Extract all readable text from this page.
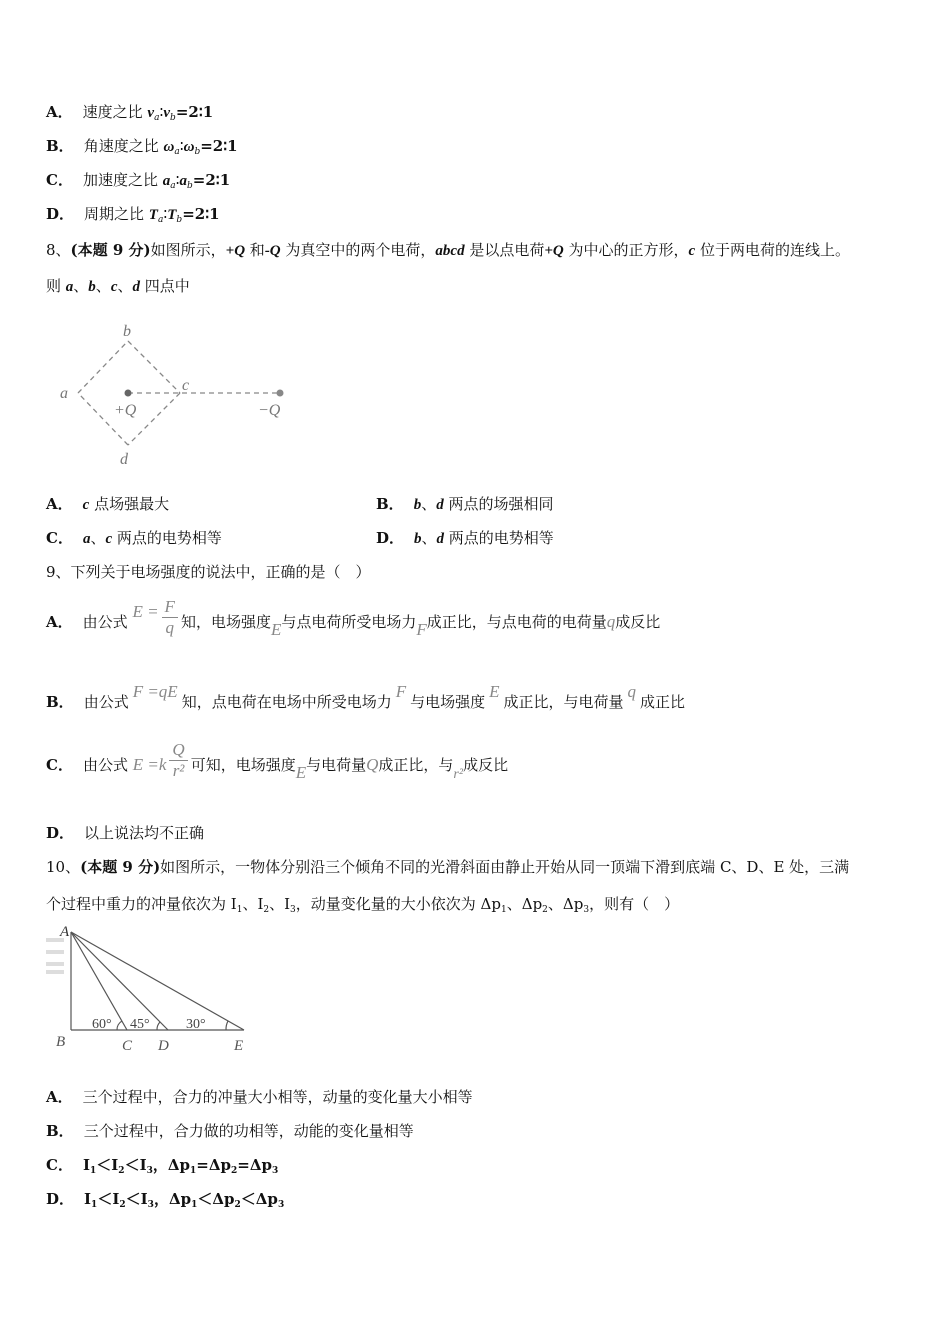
A． 速度之比 $v_a∶v_b=2∶1$
B． 角速度之比 $\omega_a∶\omega_b=2∶1$
C． 加速度之比 $a_a∶a_b=2∶1$
D． 周期之比 $T_a∶T_b=2∶1$
8、(本题 9 分)如图所示，+Q 和-Q 为真空中的两个电荷，abcd 是以点电荷+Q 为中心的正方形，c 位于两电荷的连线上。
则 a、b、c、d 四点中
a
b
c
d
+Q	−Q
A． c 点场强最大	B． b、d 两点的场强相同
C． a、c 两点的电势相等	D． b、d 两点的电势相等
9、下列关于电场强度的说法中，正确的是（　）
A． 由公式 $E = \frac{F}{q}$ 知，电场强度E与点电荷所受电场力F成正比，与点电荷的电荷量q成反比
B． 由公式F =qE知，点电荷在电场中所受电场力F与电场强度E成正比，与电荷量q成正比
C． 由公式 $E =k \frac{Q}{\text{r²}}$ 可知，电场强度E与电荷量Q成正比，与r²成反比
D． 以上说法均不正确
10、(本题 9 分)如图所示，一物体分别沿三个倾角不同的光滑斜面由静止开始从同一顶端下滑到底端 C、D、E 处，三满
个过程中重力的冲量依次为 $I_1$、$I_2$、$I_3$，动量变化量的大小依次为 $\Delta p_1$、$\Delta p_2$、$\Delta p_3$，则有（　）
A
B	C D	E
60° 45°	30°
A． 三个过程中，合力的冲量大小相等，动量的变化量大小相等
B． 三个过程中，合力做的功相等，动能的变化量相等
C． $I_1<I_2<I_3$，$\Delta p_1=\Delta p_2=\Delta p_3$
D． $I_1<I_2<I_3$，$\Delta p_1<\Delta p_2<\Delta p_3$
